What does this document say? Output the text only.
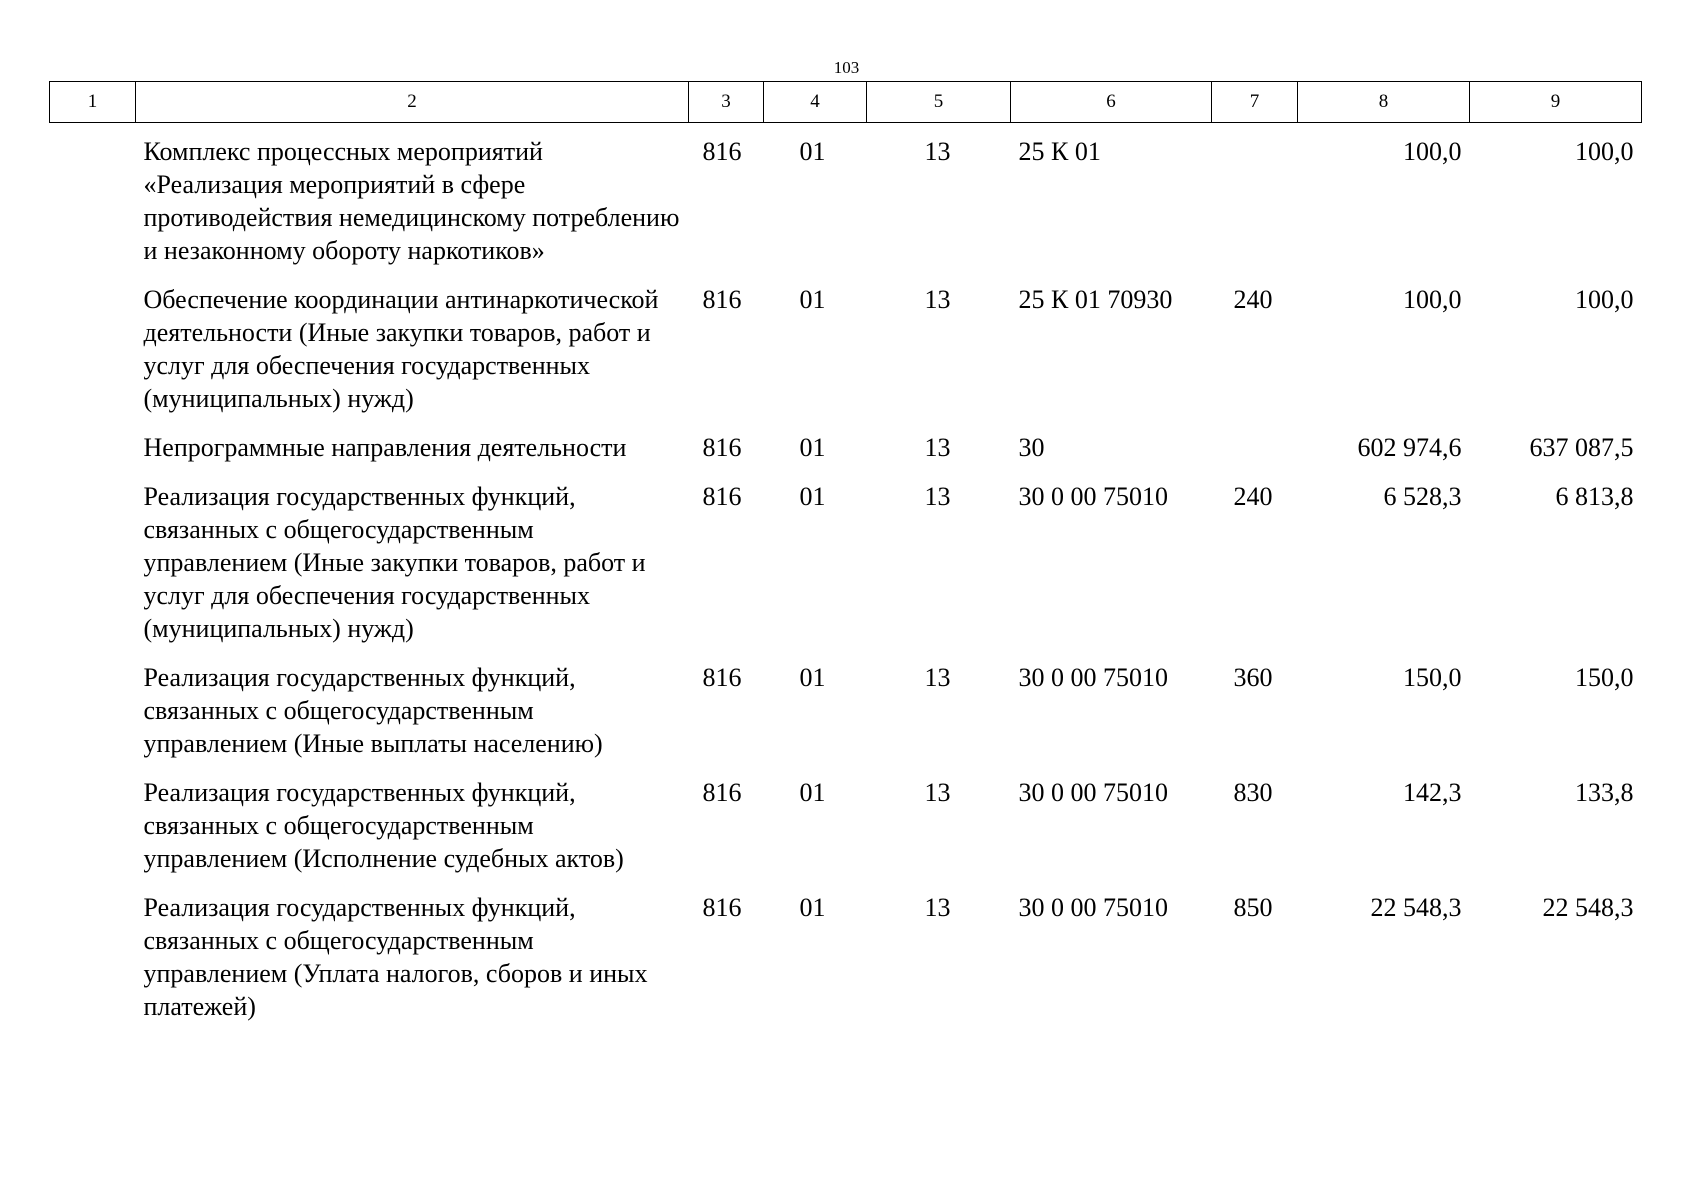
103
1	2	3	4	5	6	7	8	9
	Комплекс процессных мероприятий «Реализация мероприятий в сфере противодействия немедицинскому потреблению и незаконному обороту наркотиков»	816	01	13	25 К 01		100,0	100,0
	Обеспечение координации антинаркотической деятельности (Иные закупки товаров, работ и услуг для обеспечения государственных (муниципальных) нужд)	816	01	13	25 К 01 70930	240	100,0	100,0
	Непрограммные направления деятельности	816	01	13	30		602 974,6	637 087,5
	Реализация государственных функций, связанных с общегосударственным управлением (Иные закупки товаров, работ и услуг для обеспечения государственных (муниципальных) нужд)	816	01	13	30 0 00 75010	240	6 528,3	6 813,8
	Реализация государственных функций, связанных с общегосударственным управлением (Иные выплаты населению)	816	01	13	30 0 00 75010	360	150,0	150,0
	Реализация государственных функций, связанных с общегосударственным управлением (Исполнение судебных актов)	816	01	13	30 0 00 75010	830	142,3	133,8
	Реализация государственных функций, связанных с общегосударственным управлением (Уплата налогов, сборов и иных платежей)	816	01	13	30 0 00 75010	850	22 548,3	22 548,3
